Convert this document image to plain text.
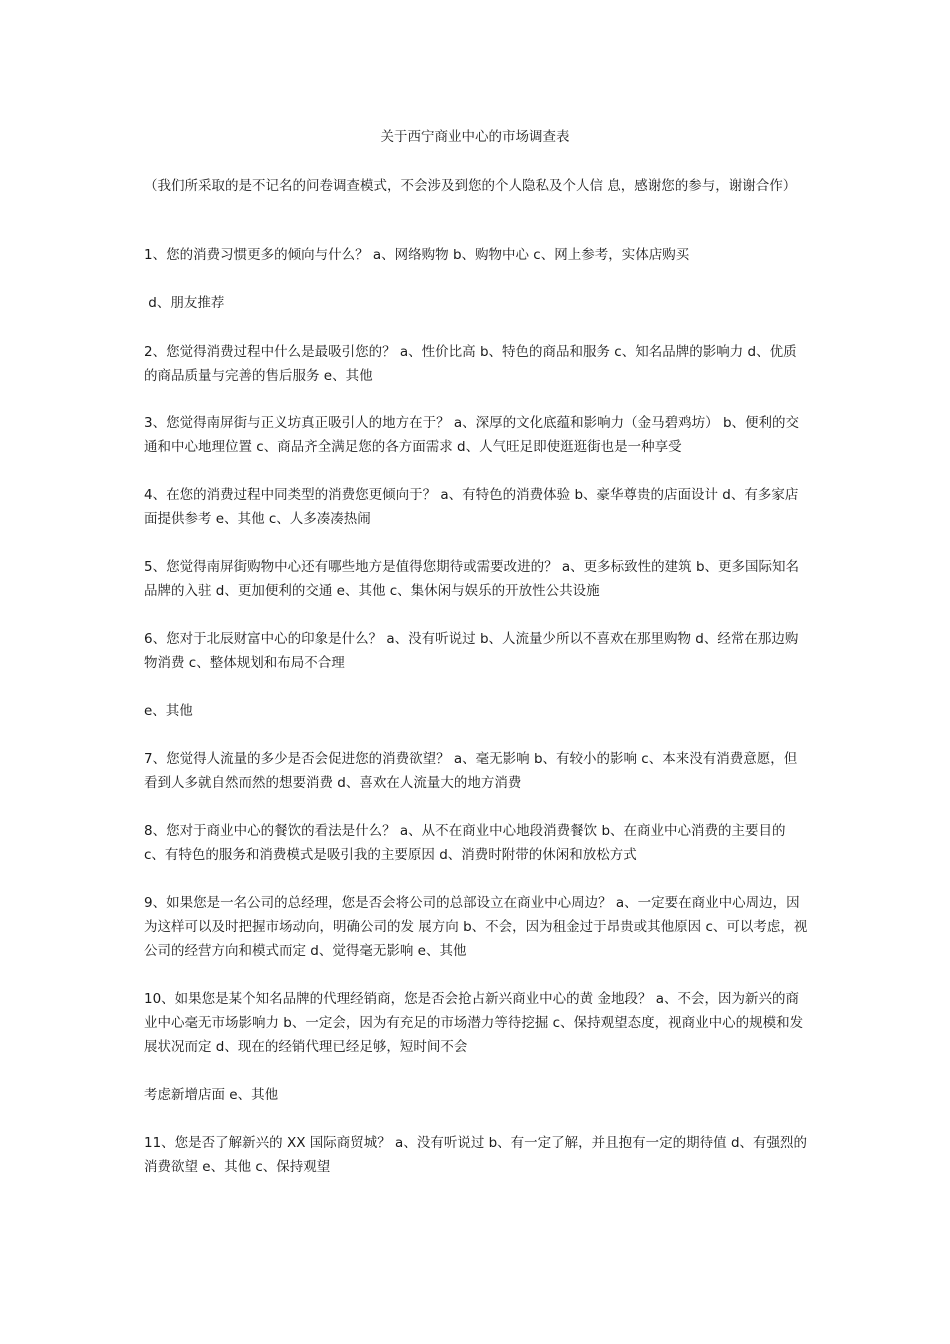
关于西宁商业中心的市场调查表

（我们所采取的是不记名的问卷调查模式，不会涉及到您的个人隐私及个人信 息，感谢您的参与，谢谢合作）

1、您的消费习惯更多的倾向与什么？ a、网络购物 b、购物中心 c、网上参考，实体店购买

d、朋友推荐

2、您觉得消费过程中什么是最吸引您的？ a、性价比高 b、特色的商品和服务 c、知名品牌的影响力 d、优质的商品质量与完善的售后服务 e、其他

3、您觉得南屏街与正义坊真正吸引人的地方在于？ a、深厚的文化底蕴和影响力（金马碧鸡坊） b、便利的交通和中心地理位置 c、商品齐全满足您的各方面需求 d、人气旺足即使逛逛街也是一种享受

4、在您的消费过程中同类型的消费您更倾向于？ a、有特色的消费体验 b、豪华尊贵的店面设计 d、有多家店面提供参考 e、其他 c、人多凑凑热闹

5、您觉得南屏街购物中心还有哪些地方是值得您期待或需要改进的？ a、更多标致性的建筑 b、更多国际知名品牌的入驻 d、更加便利的交通 e、其他 c、集休闲与娱乐的开放性公共设施

6、您对于北辰财富中心的印象是什么？ a、没有听说过 b、人流量少所以不喜欢在那里购物 d、经常在那边购物消费 c、整体规划和布局不合理

e、其他

7、您觉得人流量的多少是否会促进您的消费欲望？ a、毫无影响 b、有较小的影响 c、本来没有消费意愿，但看到人多就自然而然的想要消费 d、喜欢在人流量大的地方消费

8、您对于商业中心的餐饮的看法是什么？ a、从不在商业中心地段消费餐饮 b、在商业中心消费的主要目的 c、有特色的服务和消费模式是吸引我的主要原因 d、消费时附带的休闲和放松方式

9、如果您是一名公司的总经理，您是否会将公司的总部设立在商业中心周边？ a、一定要在商业中心周边，因为这样可以及时把握市场动向，明确公司的发 展方向 b、不会，因为租金过于昂贵或其他原因 c、可以考虑，视公司的经营方向和模式而定 d、觉得毫无影响 e、其他

10、如果您是某个知名品牌的代理经销商，您是否会抢占新兴商业中心的黄 金地段？ a、不会，因为新兴的商业中心毫无市场影响力 b、一定会，因为有充足的市场潜力等待挖掘 c、保持观望态度，视商业中心的规模和发展状况而定 d、现在的经销代理已经足够，短时间不会

考虑新增店面 e、其他

11、您是否了解新兴的 XX 国际商贸城？ a、没有听说过 b、有一定了解，并且抱有一定的期待值 d、有强烈的消费欲望 e、其他 c、保持观望
